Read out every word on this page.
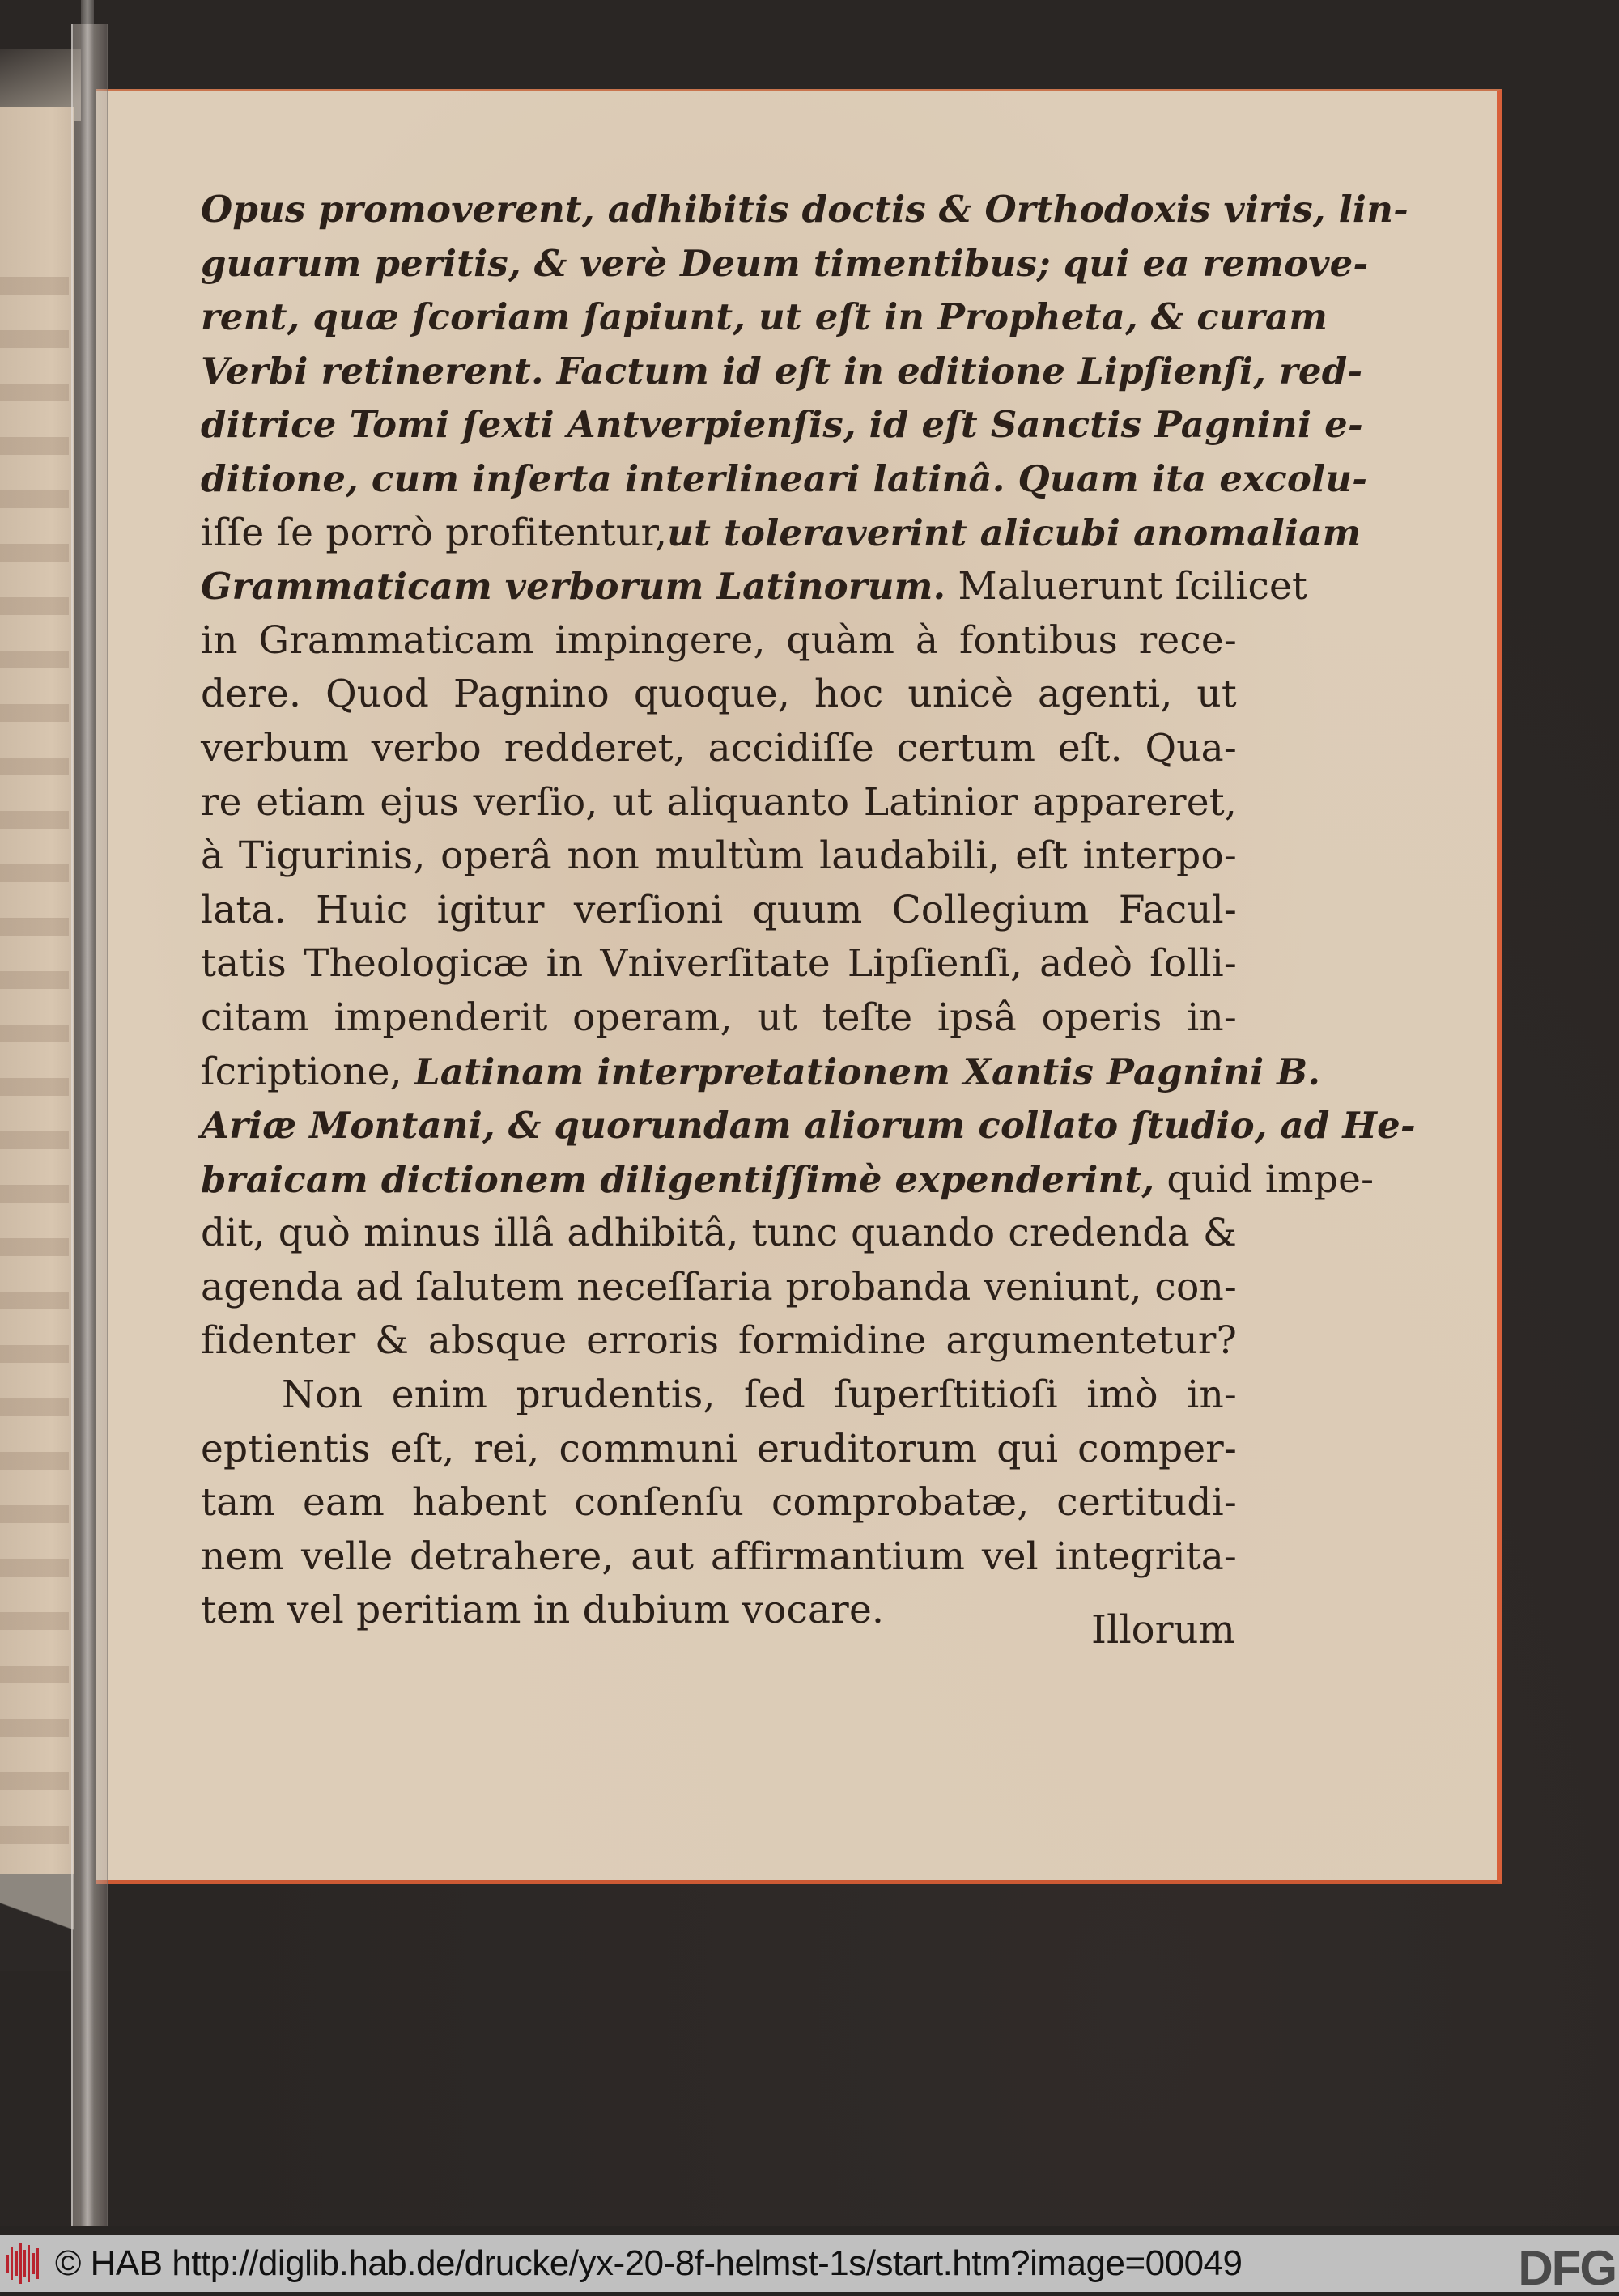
Opus promoverent, adhibitis doctis & Orthodoxis viris, lin-
guarum peritis, & verè Deum timentibus; qui ea remove-
rent, quæ ſcoriam ſapiunt, ut eſt in Propheta, & curam
Verbi retinerent. Factum id eſt in editione Lipſienſi, red-
ditrice Tomi ſexti Antverpienſis, id eſt Sanctis Pagnini e-
ditione, cum inſerta interlineari latinâ. Quam ita excolu-
iſſe ſe porrò profitentur,ut toleraverint alicubi anomaliam
Grammaticam verborum Latinorum. Maluerunt ſcilicet
in Grammaticam impingere, quàm à fontibus rece-
dere. Quod Pagnino quoque, hoc unicè agenti, ut
verbum verbo redderet, accidiſſe certum eſt. Qua-
re etiam ejus verſio, ut aliquanto Latinior appareret,
à Tigurinis, operâ non multùm laudabili, eſt interpo-
lata. Huic igitur verſioni quum Collegium Facul-
tatis Theologicæ in Vniverſitate Lipſienſi, adeò ſolli-
citam impenderit operam, ut teſte ipsâ operis in-
ſcriptione, Latinam interpretationem Xantis Pagnini B.
Ariæ Montani, & quorundam aliorum collato ſtudio, ad He-
braicam dictionem diligentiſſimè expenderint, quid impe-
dit, quò minus illâ adhibitâ, tunc quando credenda &
agenda ad ſalutem neceſſaria probanda veniunt, con-
fidenter & absque erroris formidine argumentetur?
Non enim prudentis, ſed ſuperſtitioſi imò in-
eptientis eſt, rei, communi eruditorum qui comper-
tam eam habent conſenſu comprobatæ, certitudi-
nem velle detrahere, aut affirmantium vel integrita-
tem vel peritiam in dubium vocare.	Illorum
© HAB http://diglib.hab.de/drucke/yx-20-8f-helmst-1s/start.htm?image=00049	DFG
